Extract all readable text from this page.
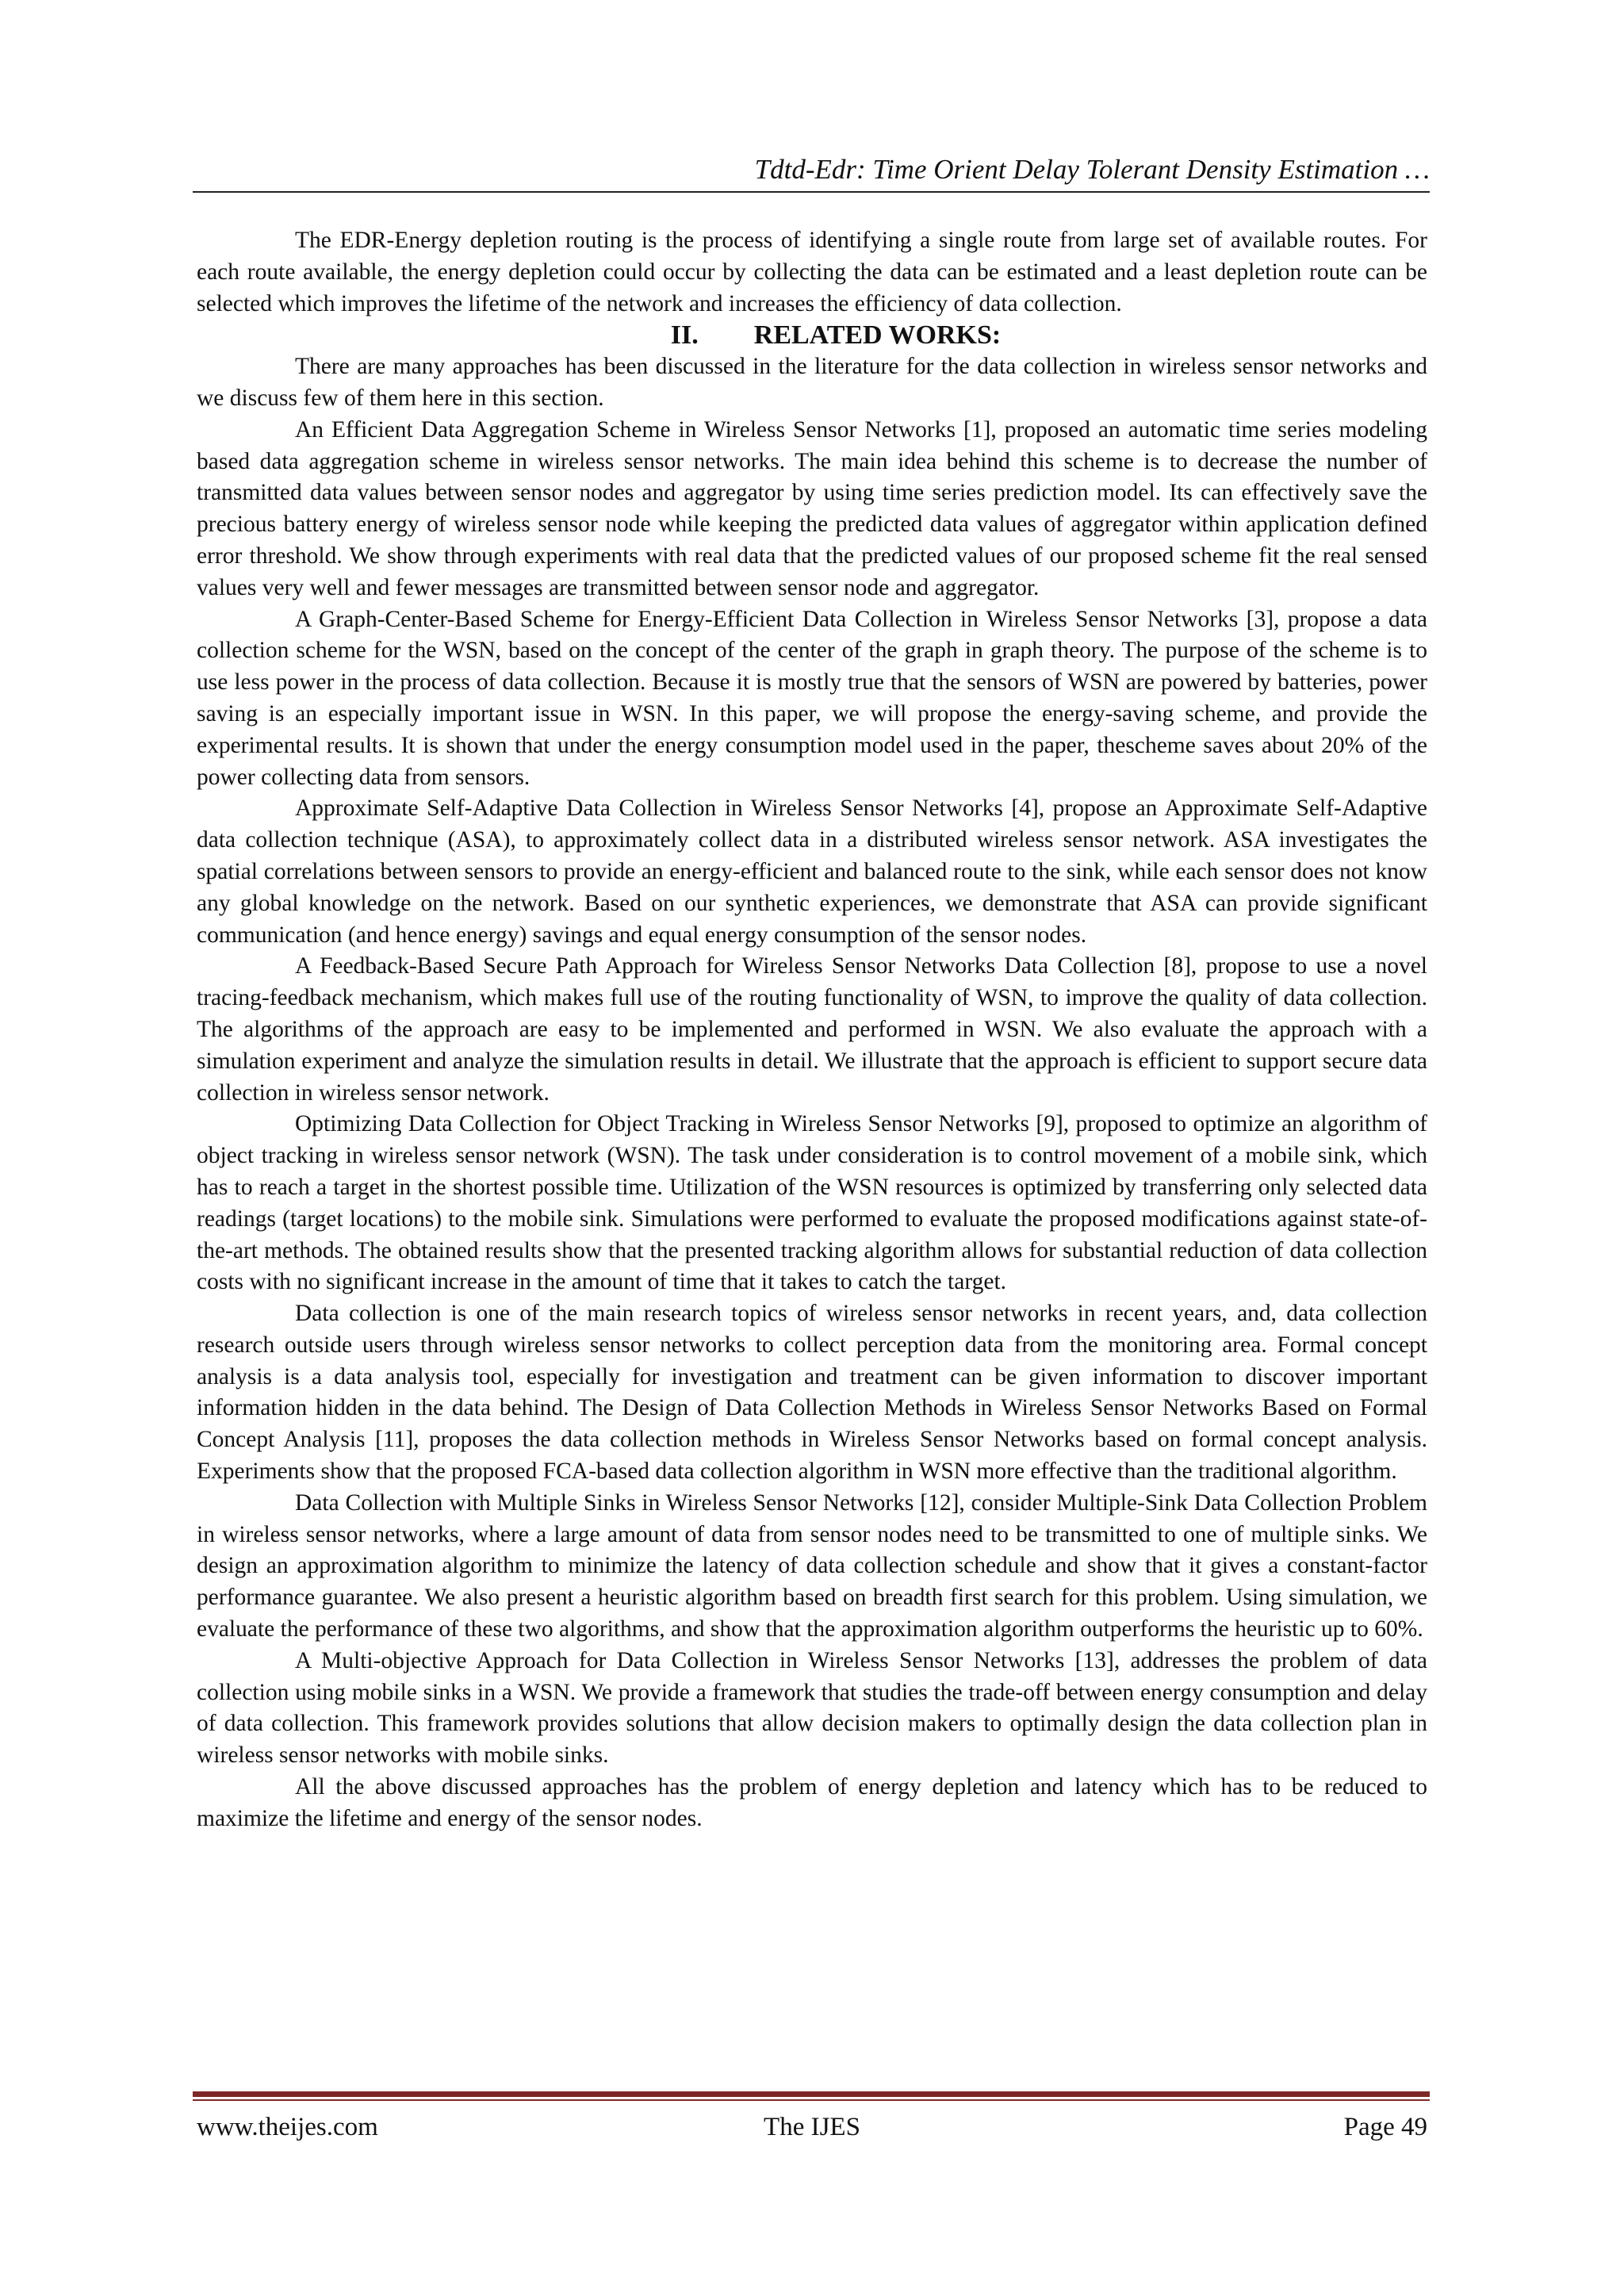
Tdtd-Edr: Time Orient Delay Tolerant Density Estimation …

The EDR-Energy depletion routing is the process of identifying a single route from large set of available routes. For each route available, the energy depletion could occur by collecting the data can be estimated and a least depletion route can be selected which improves the lifetime of the network and increases the efficiency of data collection.

II. RELATED WORKS:

There are many approaches has been discussed in the literature for the data collection in wireless sensor networks and we discuss few of them here in this section.

An Efficient Data Aggregation Scheme in Wireless Sensor Networks [1], proposed an automatic time series modeling based data aggregation scheme in wireless sensor networks. The main idea behind this scheme is to decrease the number of transmitted data values between sensor nodes and aggregator by using time series prediction model. Its can effectively save the precious battery energy of wireless sensor node while keeping the predicted data values of aggregator within application defined error threshold. We show through experiments with real data that the predicted values of our proposed scheme fit the real sensed values very well and fewer messages are transmitted between sensor node and aggregator.

A Graph-Center-Based Scheme for Energy-Efficient Data Collection in Wireless Sensor Networks [3], propose a data collection scheme for the WSN, based on the concept of the center of the graph in graph theory. The purpose of the scheme is to use less power in the process of data collection. Because it is mostly true that the sensors of WSN are powered by batteries, power saving is an especially important issue in WSN. In this paper, we will propose the energy-saving scheme, and provide the experimental results. It is shown that under the energy consumption model used in the paper, thescheme saves about 20% of the power collecting data from sensors.

Approximate Self-Adaptive Data Collection in Wireless Sensor Networks [4], propose an Approximate Self-Adaptive data collection technique (ASA), to approximately collect data in a distributed wireless sensor network. ASA investigates the spatial correlations between sensors to provide an energy-efficient and balanced route to the sink, while each sensor does not know any global knowledge on the network. Based on our synthetic experiences, we demonstrate that ASA can provide significant communication (and hence energy) savings and equal energy consumption of the sensor nodes.

A Feedback-Based Secure Path Approach for Wireless Sensor Networks Data Collection [8], propose to use a novel tracing-feedback mechanism, which makes full use of the routing functionality of WSN, to improve the quality of data collection. The algorithms of the approach are easy to be implemented and performed in WSN. We also evaluate the approach with a simulation experiment and analyze the simulation results in detail. We illustrate that the approach is efficient to support secure data collection in wireless sensor network.

Optimizing Data Collection for Object Tracking in Wireless Sensor Networks [9], proposed to optimize an algorithm of object tracking in wireless sensor network (WSN). The task under consideration is to control movement of a mobile sink, which has to reach a target in the shortest possible time. Utilization of the WSN resources is optimized by transferring only selected data readings (target locations) to the mobile sink. Simulations were performed to evaluate the proposed modifications against state-of-the-art methods. The obtained results show that the presented tracking algorithm allows for substantial reduction of data collection costs with no significant increase in the amount of time that it takes to catch the target.

Data collection is one of the main research topics of wireless sensor networks in recent years, and, data collection research outside users through wireless sensor networks to collect perception data from the monitoring area. Formal concept analysis is a data analysis tool, especially for investigation and treatment can be given information to discover important information hidden in the data behind. The Design of Data Collection Methods in Wireless Sensor Networks Based on Formal Concept Analysis [11], proposes the data collection methods in Wireless Sensor Networks based on formal concept analysis. Experiments show that the proposed FCA-based data collection algorithm in WSN more effective than the traditional algorithm.

Data Collection with Multiple Sinks in Wireless Sensor Networks [12], consider Multiple-Sink Data Collection Problem in wireless sensor networks, where a large amount of data from sensor nodes need to be transmitted to one of multiple sinks. We design an approximation algorithm to minimize the latency of data collection schedule and show that it gives a constant-factor performance guarantee. We also present a heuristic algorithm based on breadth first search for this problem. Using simulation, we evaluate the performance of these two algorithms, and show that the approximation algorithm outperforms the heuristic up to 60%.

A Multi-objective Approach for Data Collection in Wireless Sensor Networks [13], addresses the problem of data collection using mobile sinks in a WSN. We provide a framework that studies the trade-off between energy consumption and delay of data collection. This framework provides solutions that allow decision makers to optimally design the data collection plan in wireless sensor networks with mobile sinks.

All the above discussed approaches has the problem of energy depletion and latency which has to be reduced to maximize the lifetime and energy of the sensor nodes.

The IJES
www.theijes.com	Page 49
